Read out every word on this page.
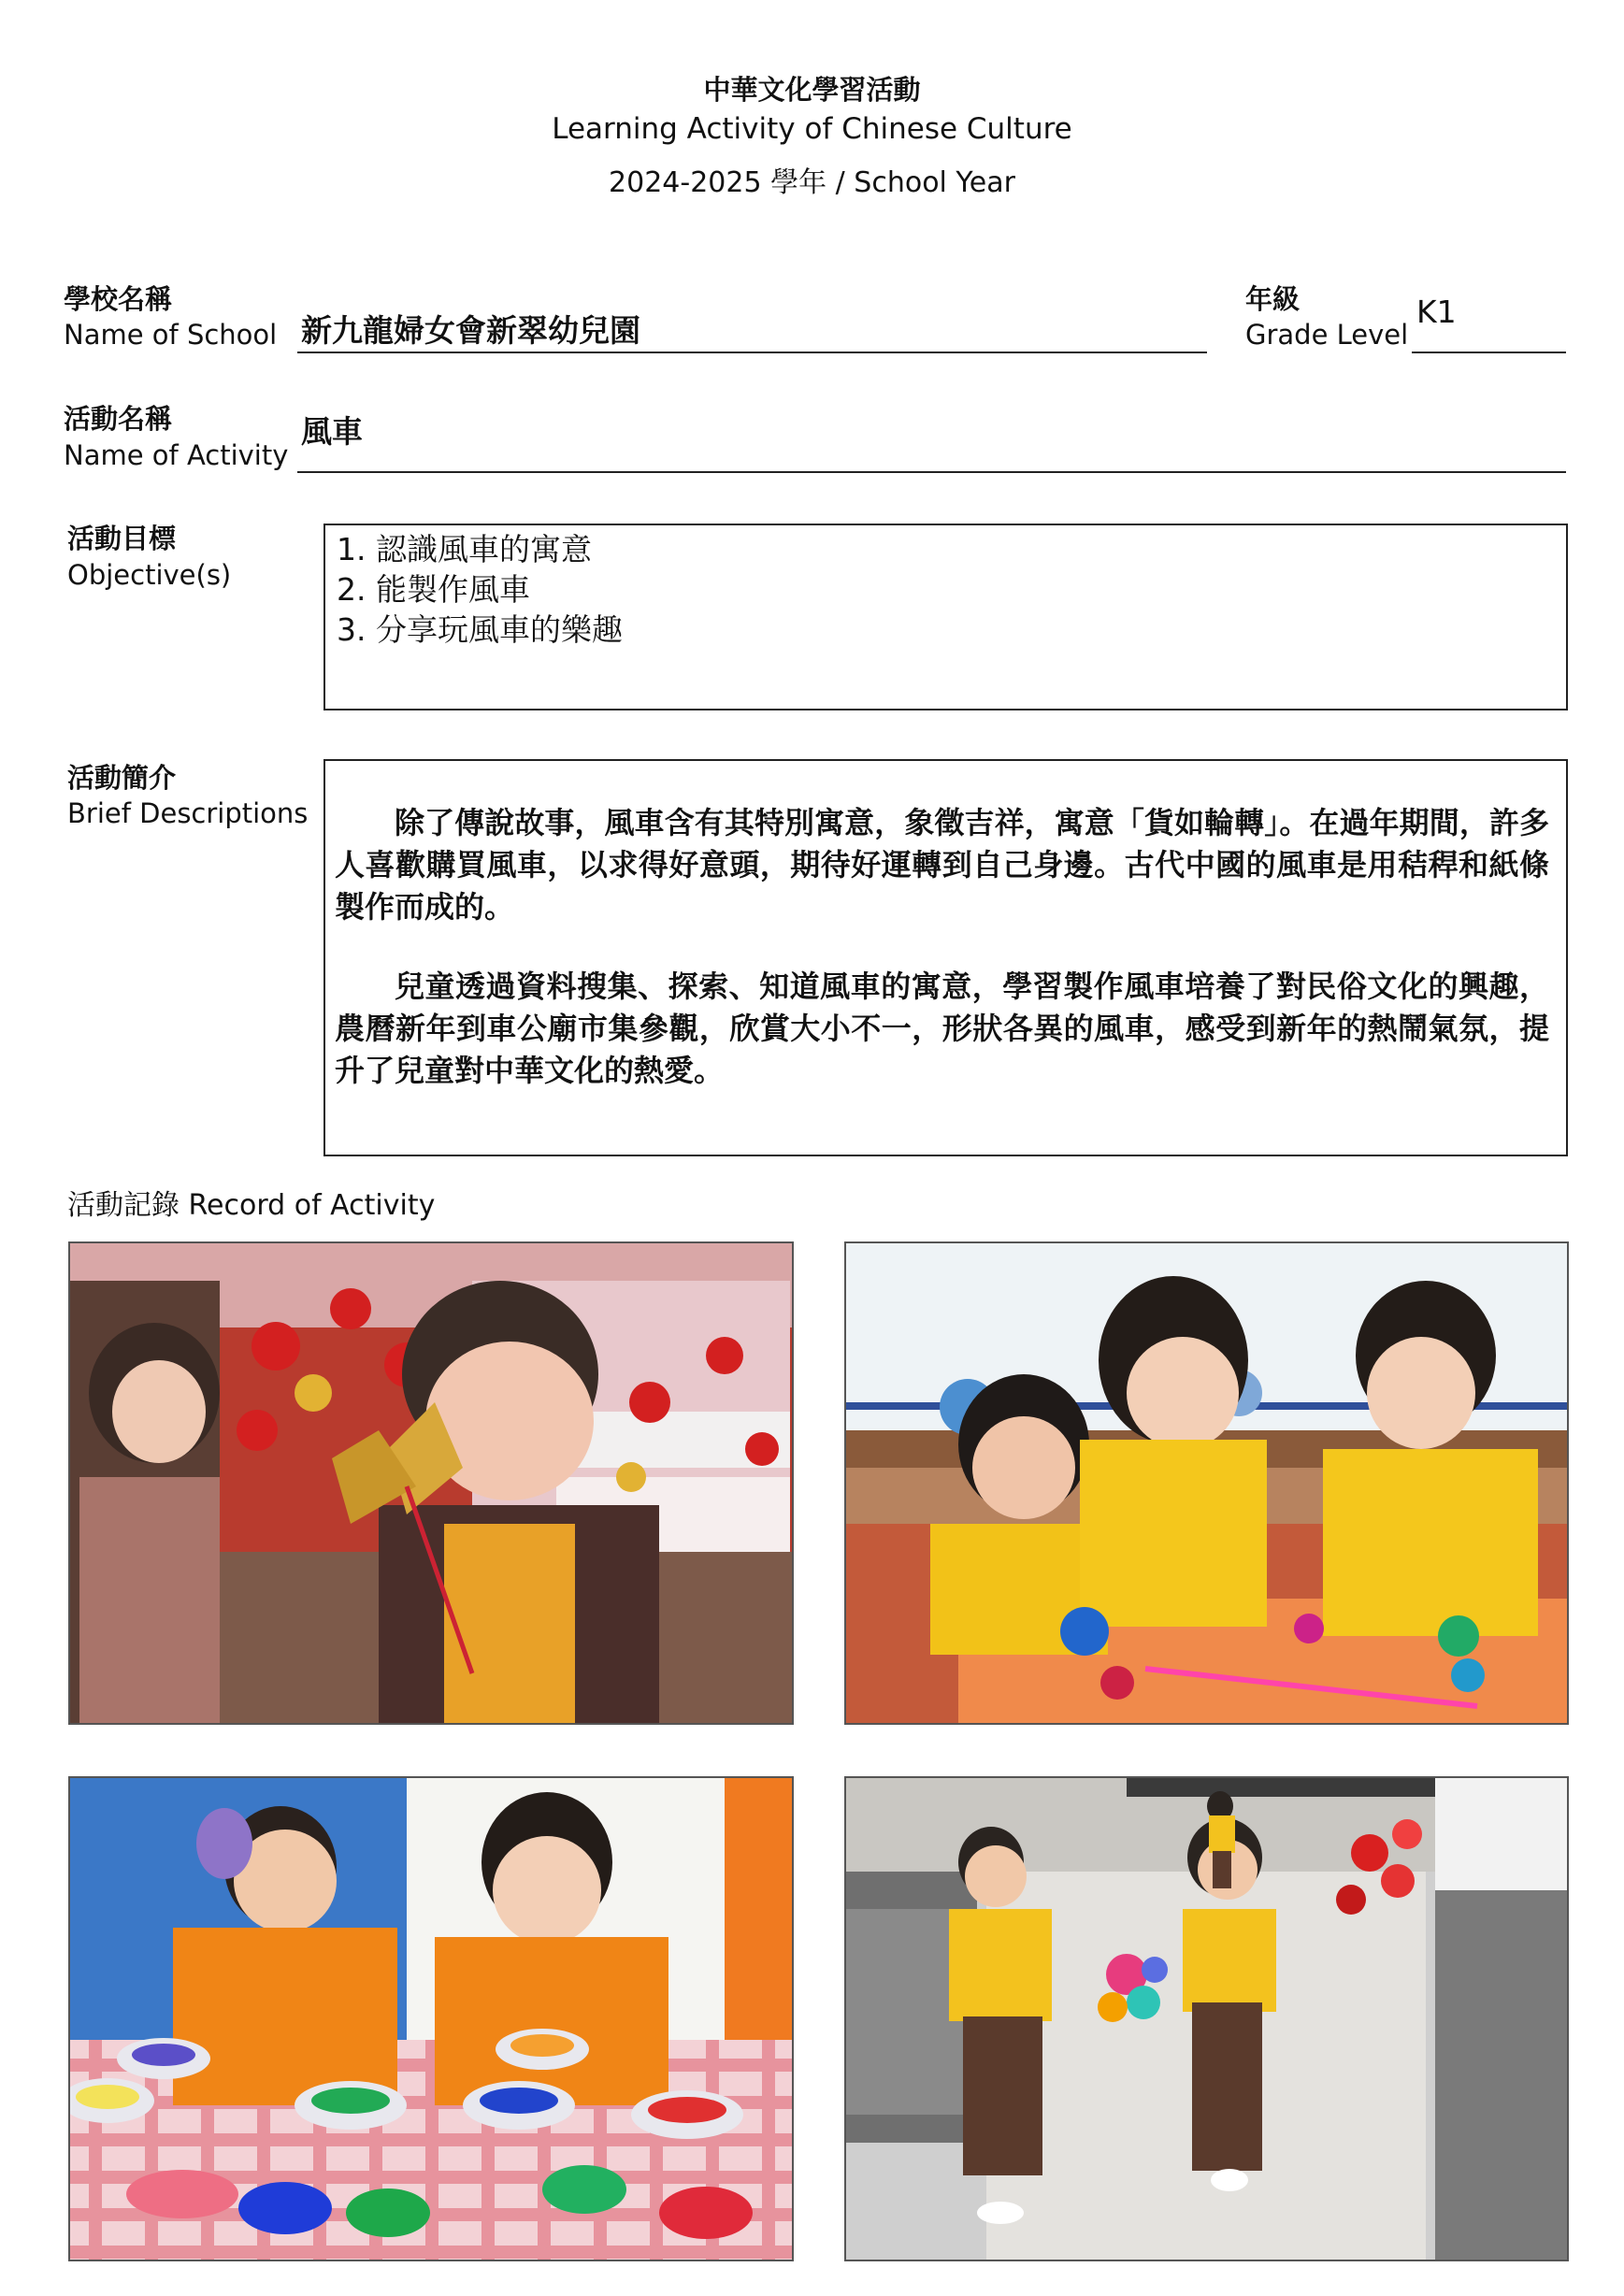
中華文化學習活動
Learning Activity of Chinese Culture
2024-2025 學年 / School Year
學校名稱
Name of School 新九龍婦女會新翠幼兒園
年級
Grade Level
K1
活動名稱
Name of Activity
風車
活動目標
Objective(s)
1. 認識風車的寓意
2. 能製作風車
3. 分享玩風車的樂趣
活動簡介
Brief Descriptions	除了傳說故事，風車含有其特別寓意，象徵吉祥，寓意「貨如輪轉」。在過年期間，許多人喜歡購買風車，以求得好意頭，期待好運轉到自己身邊。古代中國的風車是用秸稈和紙條製作而成的。

兒童透過資料搜集、探索、知道風車的寓意，學習製作風車培養了對民俗文化的興趣，農曆新年到車公廟市集參觀，欣賞大小不一，形狀各異的風車，感受到新年的熱鬧氣氛，提升了兒童對中華文化的熱愛。

活動記錄 Record of Activity
